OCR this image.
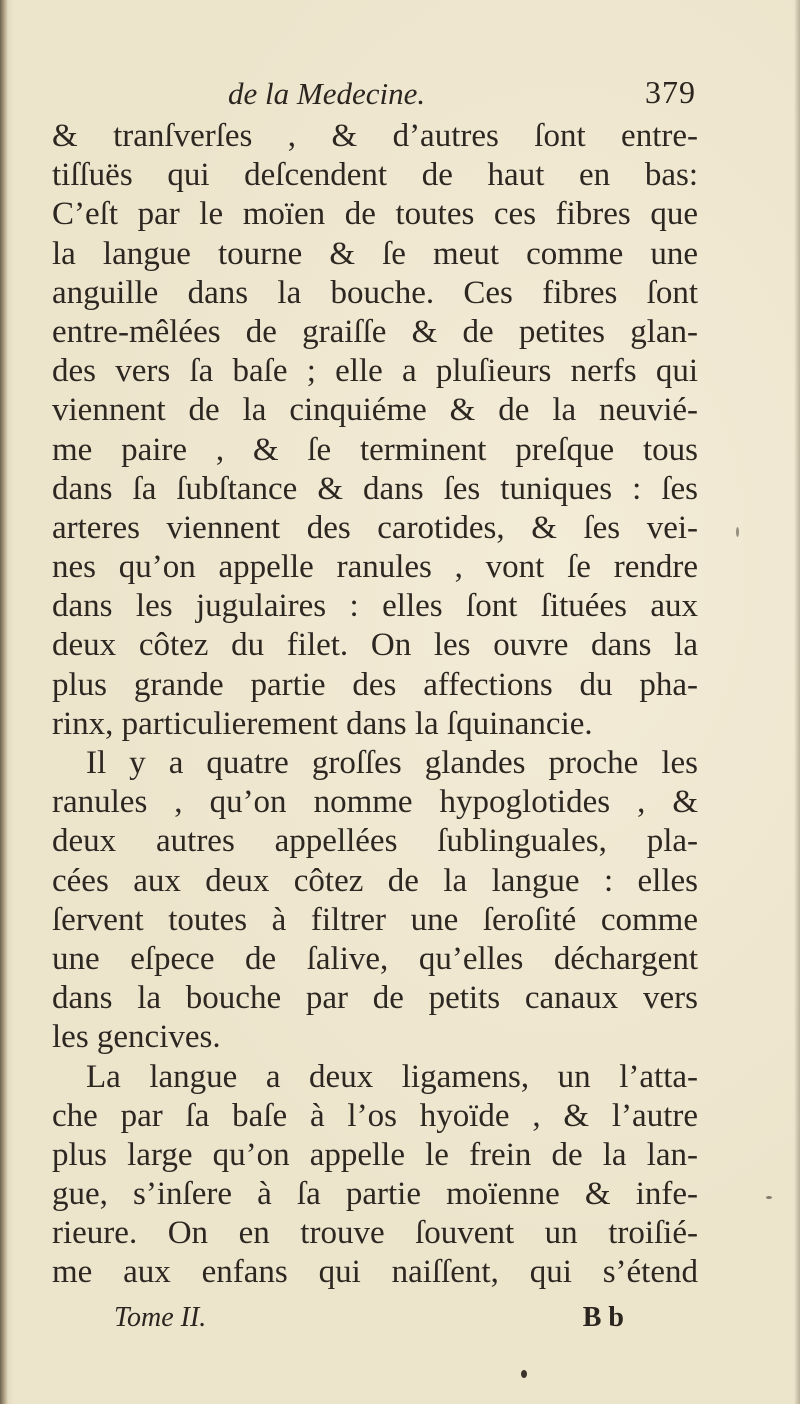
de la Medecine.	379
& tranſverſes , & d’autres ſont entre-
tiſſuës qui deſcendent de haut en bas:
C’eſt par le moïen de toutes ces fibres que
la langue tourne & ſe meut comme une
anguille dans la bouche. Ces fibres ſont
entre-mêlées de graiſſe & de petites glan-
des vers ſa baſe ; elle a pluſieurs nerfs qui
viennent de la cinquiéme & de la neuvié-
me paire , & ſe terminent preſque tous
dans ſa ſubſtance & dans ſes tuniques : ſes
arteres viennent des carotides, & ſes vei-
nes qu’on appelle ranules , vont ſe rendre
dans les jugulaires : elles ſont ſituées aux
deux côtez du filet. On les ouvre dans la
plus grande partie des affections du pha-
rinx, particulierement dans la ſquinancie.
Il y a quatre groſſes glandes proche les
ranules , qu’on nomme hypoglotides , &
deux autres appellées ſublinguales, pla-
cées aux deux côtez de la langue : elles
ſervent toutes à filtrer une ſeroſité comme
une eſpece de ſalive, qu’elles déchargent
dans la bouche par de petits canaux vers
les gencives.
La langue a deux ligamens, un l’atta-
che par ſa baſe à l’os hyoïde , & l’autre
plus large qu’on appelle le frein de la lan-
gue, s’inſere à ſa partie moïenne & infe-
rieure. On en trouve ſouvent un troiſié-
me aux enfans qui naiſſent, qui s’étend
Tome II.	B b
